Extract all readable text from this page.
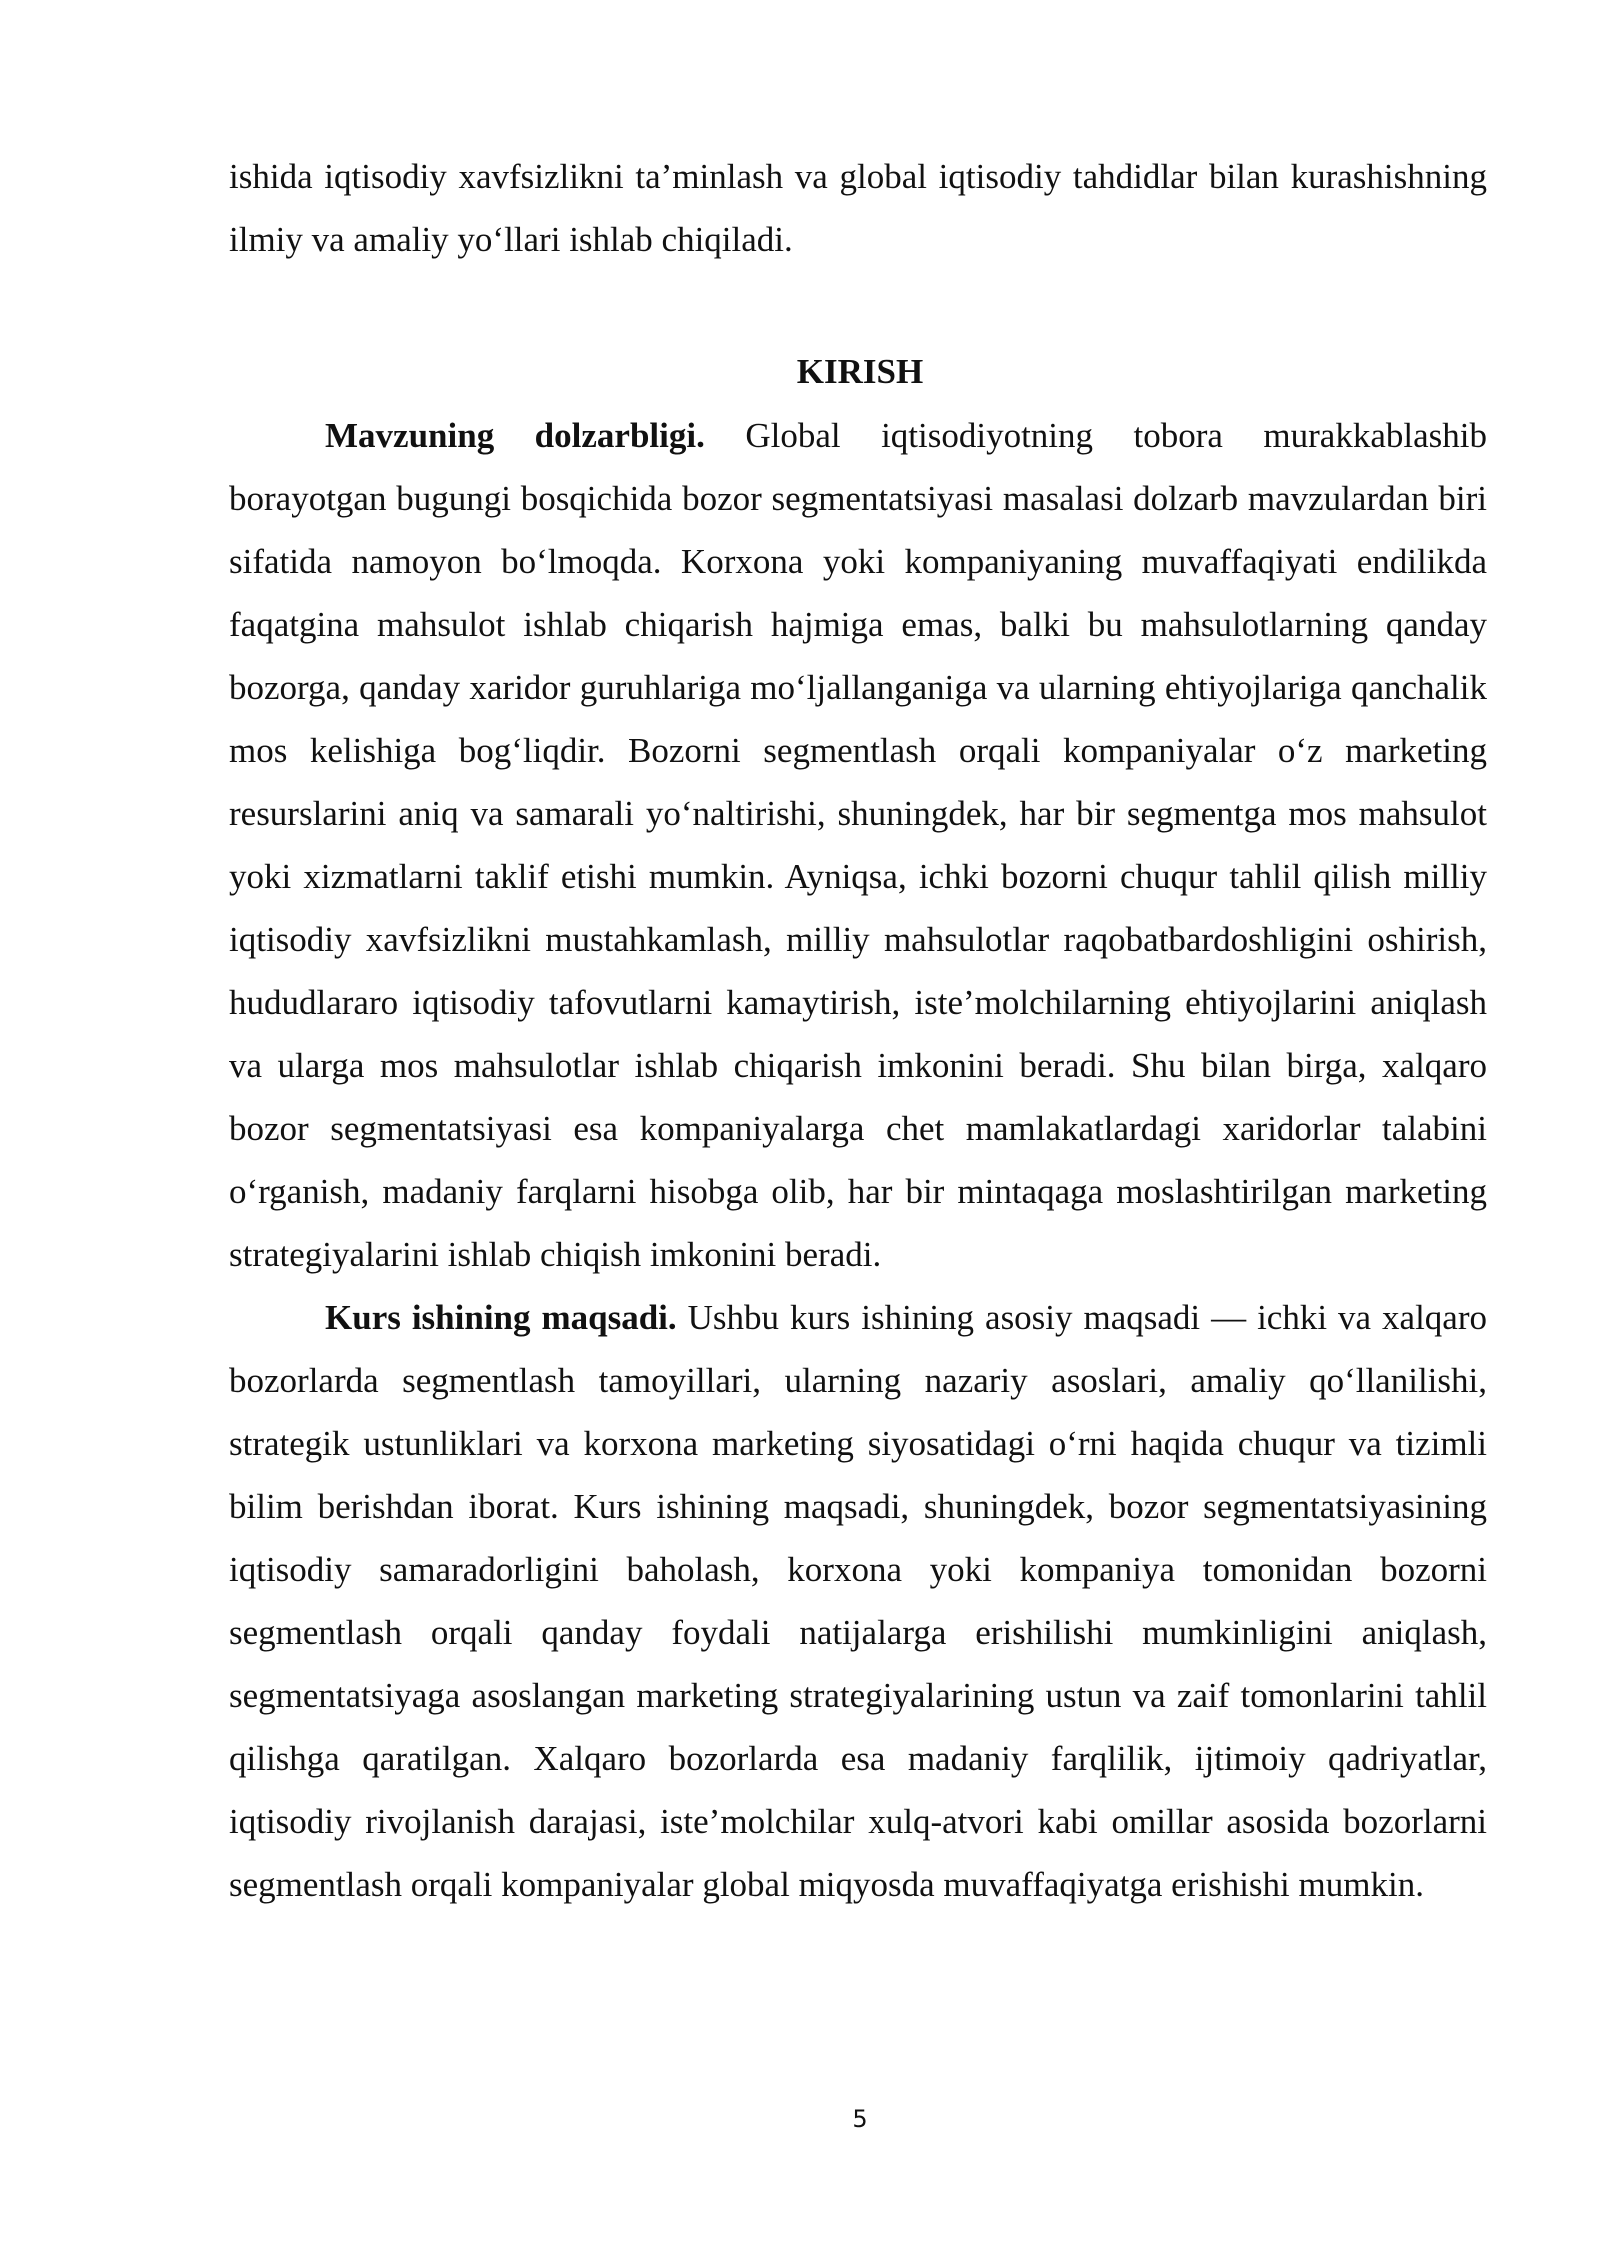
ishida iqtisodiy xavfsizlikni ta’minlash va global iqtisodiy tahdidlar bilan kurashishning ilmiy va amaliy yo‘llari ishlab chiqiladi.

KIRISH

Mavzuning dolzarbligi. Global iqtisodiyotning tobora murakkablashib borayotgan bugungi bosqichida bozor segmentatsiyasi masalasi dolzarb mavzulardan biri sifatida namoyon bo‘lmoqda. Korxona yoki kompaniyaning muvaffaqiyati endilikda faqatgina mahsulot ishlab chiqarish hajmiga emas, balki bu mahsulotlarning qanday bozorga, qanday xaridor guruhlariga mo‘ljallanganiga va ularning ehtiyojlariga qanchalik mos kelishiga bog‘liqdir. Bozorni segmentlash orqali kompaniyalar o‘z marketing resurslarini aniq va samarali yo‘naltirishi, shuningdek, har bir segmentga mos mahsulot yoki xizmatlarni taklif etishi mumkin. Ayniqsa, ichki bozorni chuqur tahlil qilish milliy iqtisodiy xavfsizlikni mustahkamlash, milliy mahsulotlar raqobatbardoshligini oshirish, hududlararo iqtisodiy tafovutlarni kamaytirish, iste’molchilarning ehtiyojlarini aniqlash va ularga mos mahsulotlar ishlab chiqarish imkonini beradi. Shu bilan birga, xalqaro bozor segmentatsiyasi esa kompaniyalarga chet mamlakatlardagi xaridorlar talabini o‘rganish, madaniy farqlarni hisobga olib, har bir mintaqaga moslashtirilgan marketing strategiyalarini ishlab chiqish imkonini beradi.

Kurs ishining maqsadi. Ushbu kurs ishining asosiy maqsadi — ichki va xalqaro bozorlarda segmentlash tamoyillari, ularning nazariy asoslari, amaliy qo‘llanilishi, strategik ustunliklari va korxona marketing siyosatidagi o‘rni haqida chuqur va tizimli bilim berishdan iborat. Kurs ishining maqsadi, shuningdek, bozor segmentatsiyasining iqtisodiy samaradorligini baholash, korxona yoki kompaniya tomonidan bozorni segmentlash orqali qanday foydali natijalarga erishilishi mumkinligini aniqlash, segmentatsiyaga asoslangan marketing strategiyalarining ustun va zaif tomonlarini tahlil qilishga qaratilgan. Xalqaro bozorlarda esa madaniy farqlilik, ijtimoiy qadriyatlar, iqtisodiy rivojlanish darajasi, iste’molchilar xulq-atvori kabi omillar asosida bozorlarni segmentlash orqali kompaniyalar global miqyosda muvaffaqiyatga erishishi mumkin.

5
